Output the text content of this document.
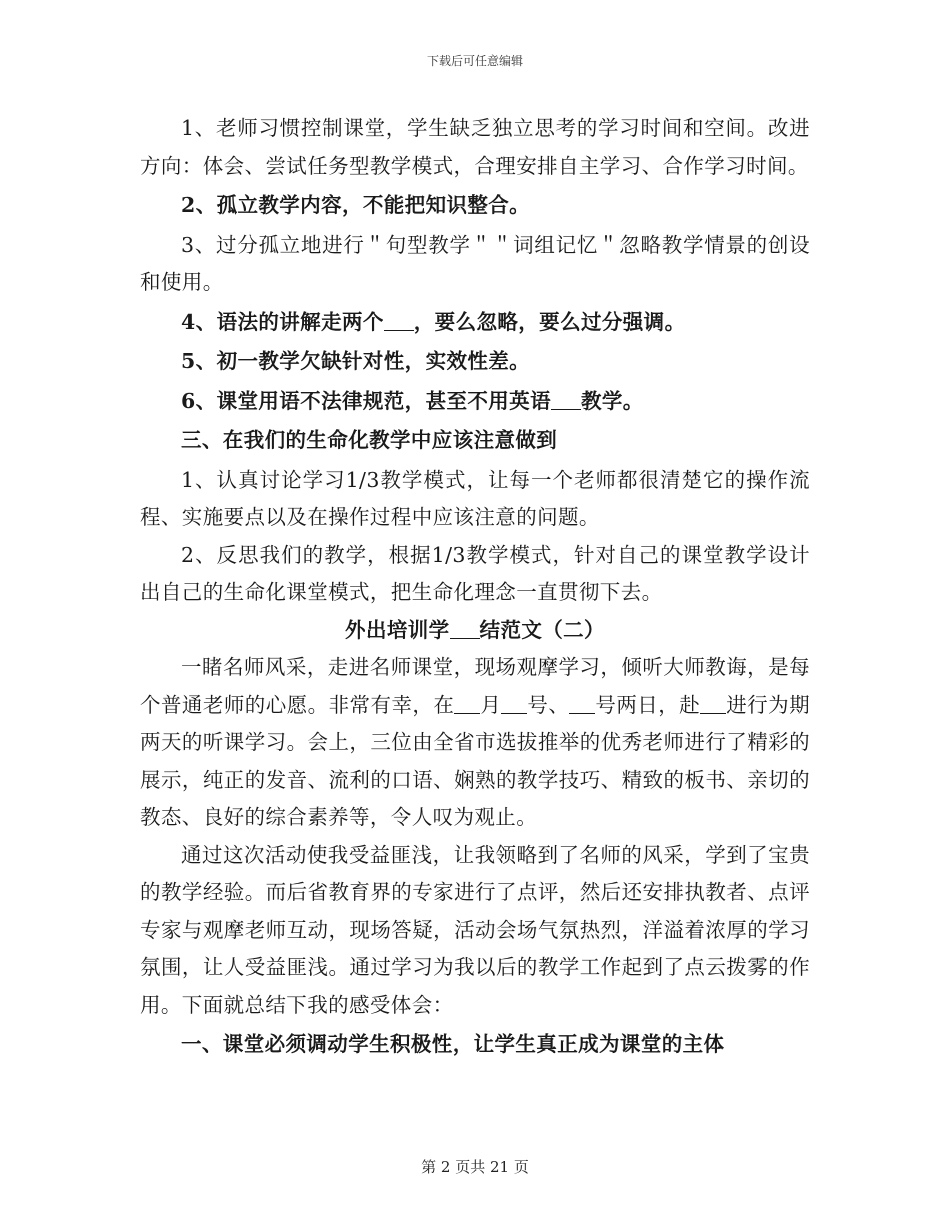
下载后可任意编辑

1、老师习惯控制课堂，学生缺乏独立思考的学习时间和空间。改进方向：体会、尝试任务型教学模式，合理安排自主学习、合作学习时间。

2、孤立教学内容，不能把知识整合。

3、过分孤立地进行＂句型教学＂＂词组记忆＂忽略教学情景的创设和使用。

4、语法的讲解走两个 ，要么忽略，要么过分强调。

5、初一教学欠缺针对性，实效性差。

6、课堂用语不法律规范，甚至不用英语 教学。

三、在我们的生命化教学中应该注意做到

1、认真讨论学习1/3教学模式，让每一个老师都很清楚它的操作流程、实施要点以及在操作过程中应该注意的问题。

2、反思我们的教学，根据1/3教学模式，针对自己的课堂教学设计出自己的生命化课堂模式，把生命化理念一直贯彻下去。

外出培训学 结范文（二）

一睹名师风采，走进名师课堂，现场观摩学习，倾听大师教诲，是每个普通老师的心愿。非常有幸，在 月 号、 号两日，赴 进行为期两天的听课学习。会上，三位由全省市选拔推举的优秀老师进行了精彩的展示，纯正的发音、流利的口语、娴熟的教学技巧、精致的板书、亲切的教态、良好的综合素养等，令人叹为观止。

通过这次活动使我受益匪浅，让我领略到了名师的风采，学到了宝贵的教学经验。而后省教育界的专家进行了点评，然后还安排执教者、点评专家与观摩老师互动，现场答疑，活动会场气氛热烈，洋溢着浓厚的学习氛围，让人受益匪浅。通过学习为我以后的教学工作起到了点云拨雾的作用。下面就总结下我的感受体会：

一、课堂必须调动学生积极性，让学生真正成为课堂的主体

第 2 页共 21 页
